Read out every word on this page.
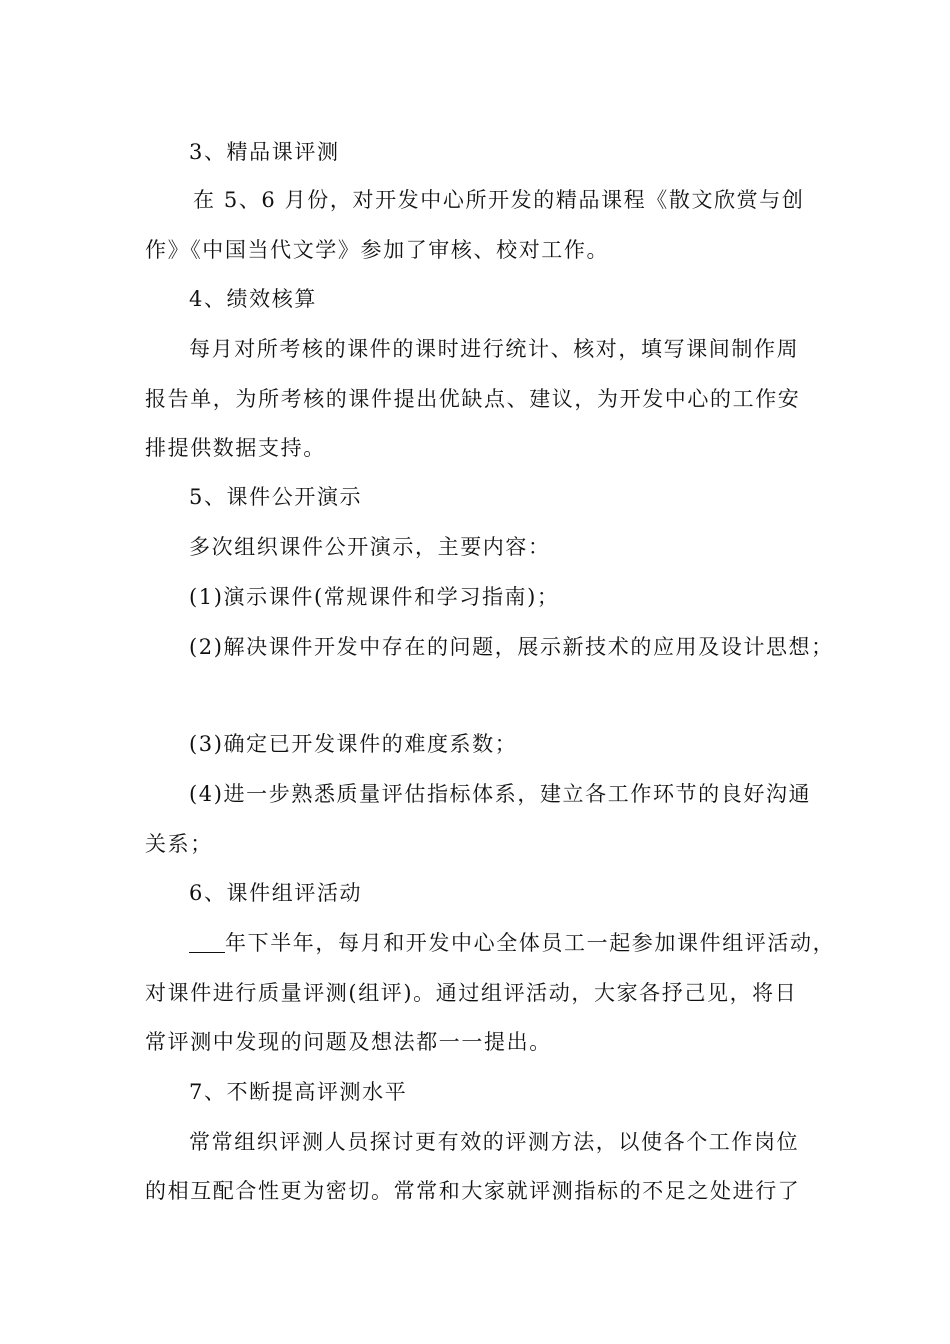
3、精品课评测
在 5、6 月份，对开发中心所开发的精品课程《散文欣赏与创
作》《中国当代文学》参加了审核、校对工作。
4、绩效核算
每月对所考核的课件的课时进行统计、核对，填写课间制作周
报告单，为所考核的课件提出优缺点、建议，为开发中心的工作安
排提供数据支持。
5、课件公开演示
多次组织课件公开演示，主要内容：
(1)演示课件(常规课件和学习指南)；
(2)解决课件开发中存在的问题，展示新技术的应用及设计思想；
(3)确定已开发课件的难度系数；
(4)进一步熟悉质量评估指标体系，建立各工作环节的良好沟通
关系；
6、课件组评活动
年下半年，每月和开发中心全体员工一起参加课件组评活动，
对课件进行质量评测(组评)。通过组评活动，大家各抒己见，将日
常评测中发现的问题及想法都一一提出。
7、不断提高评测水平
常常组织评测人员探讨更有效的评测方法，以使各个工作岗位
的相互配合性更为密切。常常和大家就评测指标的不足之处进行了
